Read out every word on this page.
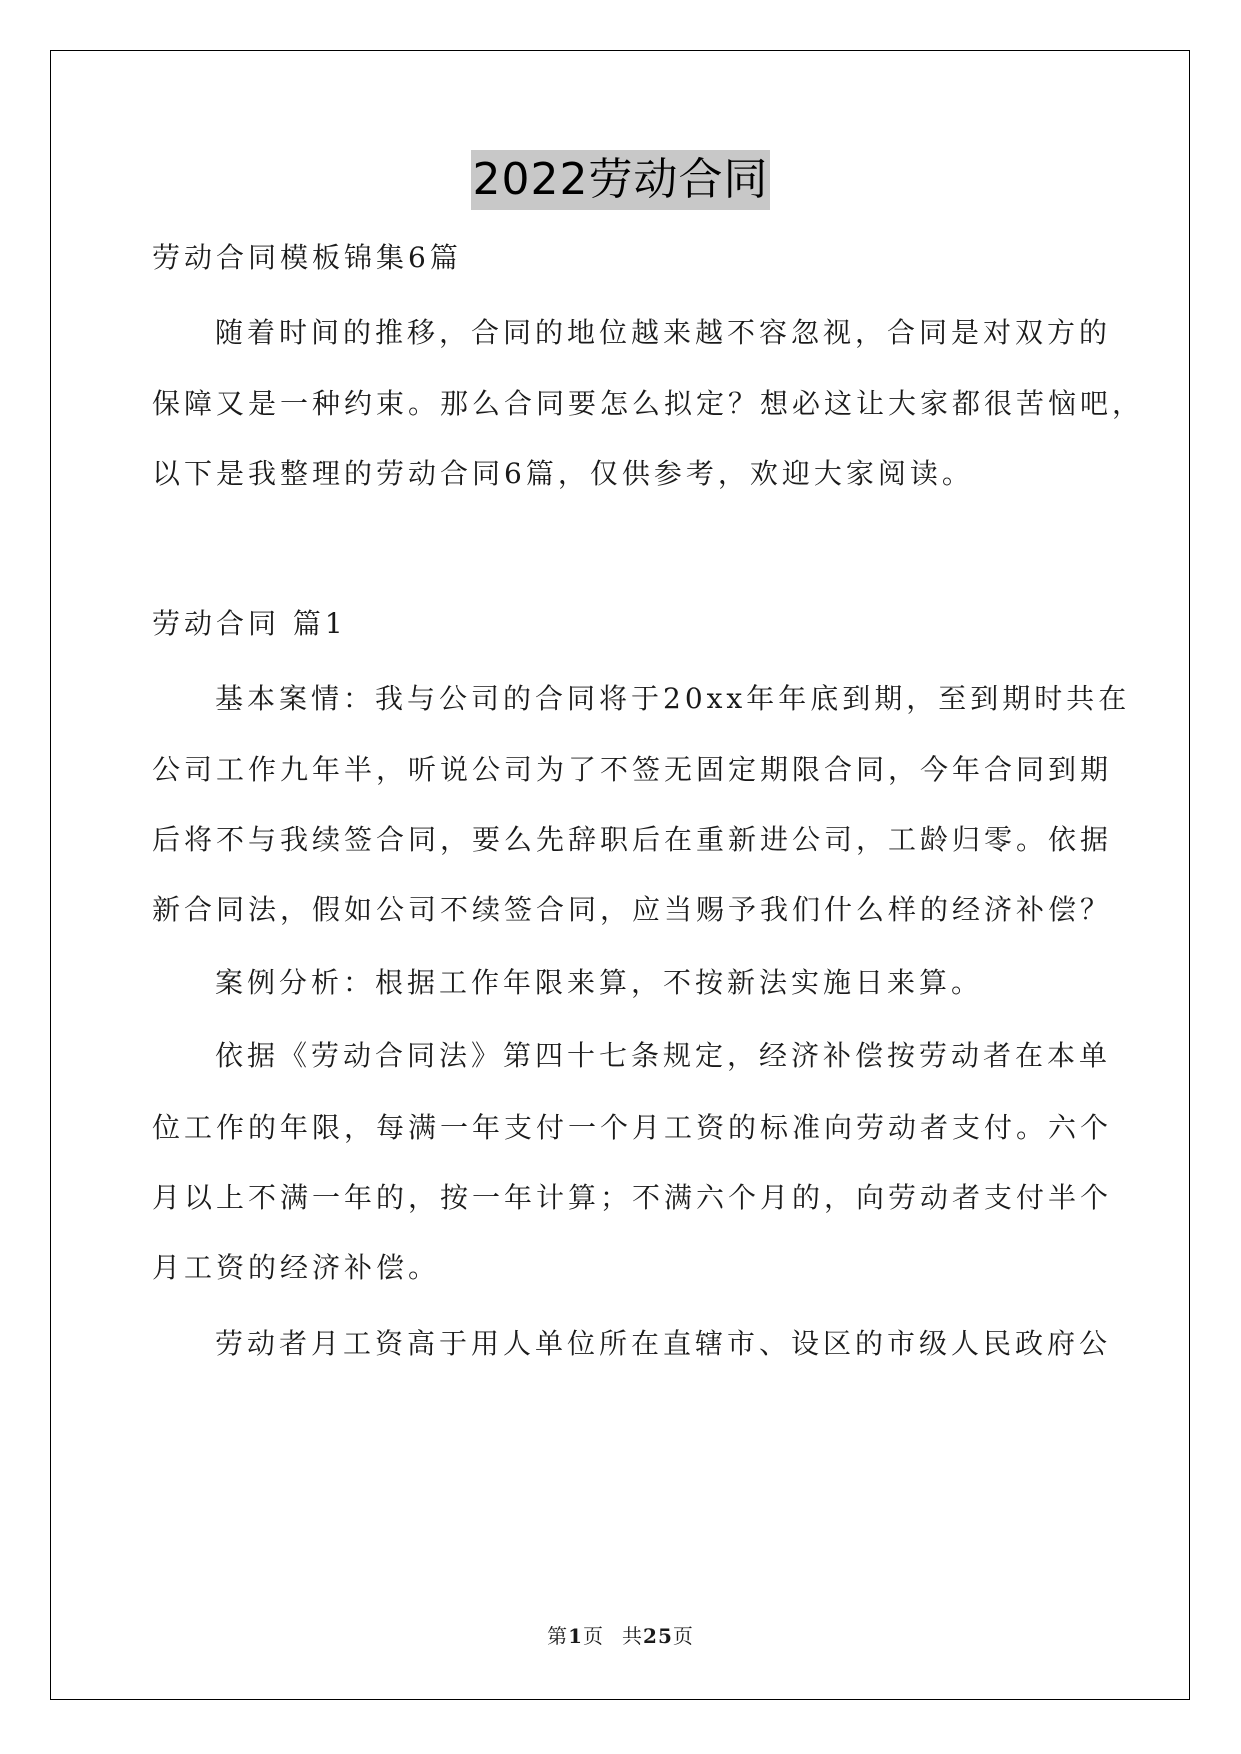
2022劳动合同
劳动合同模板锦集6篇
随着时间的推移，合同的地位越来越不容忽视，合同是对双方的
保障又是一种约束。那么合同要怎么拟定？想必这让大家都很苦恼吧，
以下是我整理的劳动合同6篇，仅供参考，欢迎大家阅读。
劳动合同 篇1
基本案情：我与公司的合同将于20xx年年底到期，至到期时共在
公司工作九年半，听说公司为了不签无固定期限合同，今年合同到期
后将不与我续签合同，要么先辞职后在重新进公司，工龄归零。依据
新合同法，假如公司不续签合同，应当赐予我们什么样的经济补偿？
案例分析：根据工作年限来算，不按新法实施日来算。
依据《劳动合同法》第四十七条规定，经济补偿按劳动者在本单
位工作的年限，每满一年支付一个月工资的标准向劳动者支付。六个
月以上不满一年的，按一年计算；不满六个月的，向劳动者支付半个
月工资的经济补偿。
劳动者月工资高于用人单位所在直辖市、设区的市级人民政府公
第1页 共25页
